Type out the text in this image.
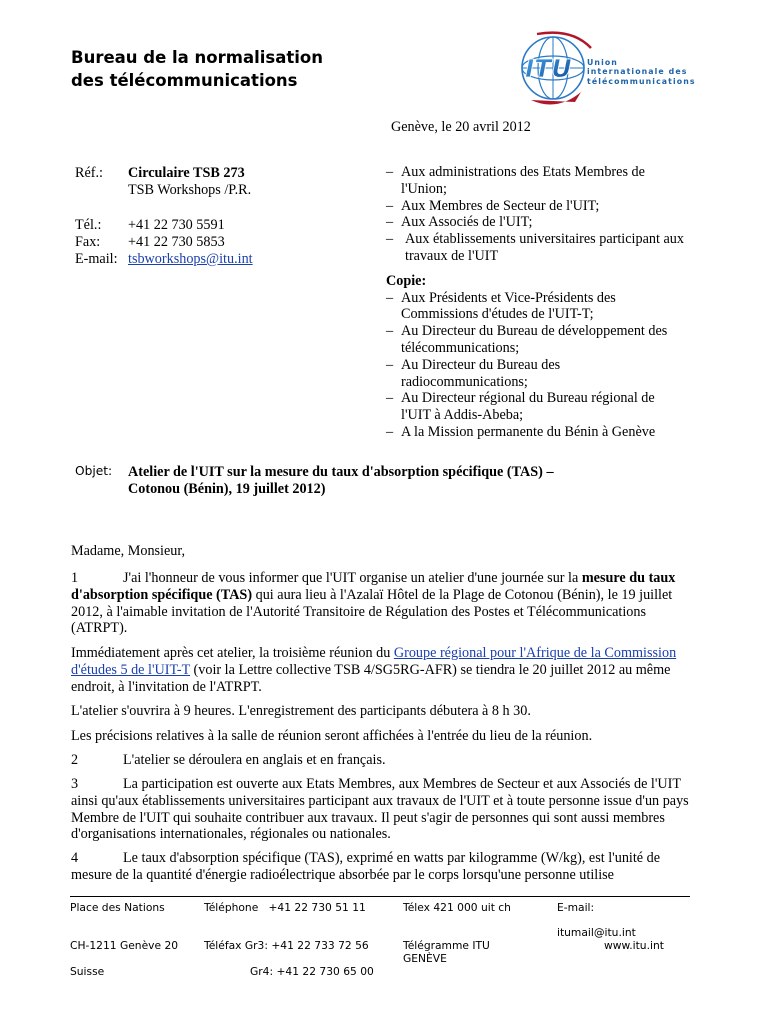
Bureau de la normalisation
des télécommunications	ITU Union
internationale des
télécommunications
Genève, le 20 avril 2012
Réf.:	Circulaire TSB 273
TSB Workshops /P.R.
Tél.:	+41 22 730 5591
Fax:	+41 22 730 5853
E-mail: tsbworkshops@itu.int
– Aux administrations des Etats Membres de
l'Union;
– Aux Membres de Secteur de l'UIT;
– Aux Associés de l'UIT;
– Aux établissements universitaires participant aux
travaux de l'UIT
Copie:
– Aux Présidents et Vice-Présidents des
Commissions d'études de l'UIT-T;
– Au Directeur du Bureau de développement des
télécommunications;
– Au Directeur du Bureau des
radiocommunications;
– Au Directeur régional du Bureau régional de
l'UIT à Addis-Abeba;
– A la Mission permanente du Bénin à Genève
Objet: Atelier de l'UIT sur la mesure du taux d'absorption spécifique (TAS) –
Cotonou (Bénin), 19 juillet 2012)
Madame, Monsieur,

1	J'ai l'honneur de vous informer que l'UIT organise un atelier d'une journée sur la mesure du taux d'absorption spécifique (TAS) qui aura lieu à l'Azalaï Hôtel de la Plage de Cotonou (Bénin), le 19 juillet 2012, à l'aimable invitation de l'Autorité Transitoire de Régulation des Postes et Télécommunications (ATRPT).

Immédiatement après cet atelier, la troisième réunion du Groupe régional pour l'Afrique de la Commission d'études 5 de l'UIT-T (voir la Lettre collective TSB 4/SG5RG-AFR) se tiendra le 20 juillet 2012 au même endroit, à l'invitation de l'ATRPT.

L'atelier s'ouvrira à 9 heures. L'enregistrement des participants débutera à 8 h 30.
Les précisions relatives à la salle de réunion seront affichées à l'entrée du lieu de la réunion.

2	L'atelier se déroulera en anglais et en français.

3	La participation est ouverte aux Etats Membres, aux Membres de Secteur et aux Associés de l'UIT ainsi qu'aux établissements universitaires participant aux travaux de l'UIT et à toute personne issue d'un pays Membre de l'UIT qui souhaite contribuer aux travaux. Il peut s'agir de personnes qui sont aussi membres d'organisations internationales, régionales ou nationales.

4	Le taux d'absorption spécifique (TAS), exprimé en watts par kilogramme (W/kg), est l'unité de mesure de la quantité d'énergie radioélectrique absorbée par le corps lorsqu'une personne utilise

Place des Nations
CH-1211 Genève 20
Suisse
Téléphone   +41 22 730 51 11
Téléfax Gr3: +41 22 733 72 56
Gr4: +41 22 730 65 00
Télex 421 000 uit ch
Télégramme ITU
GENÈVE
E-mail:
itumail@itu.int
www.itu.int
